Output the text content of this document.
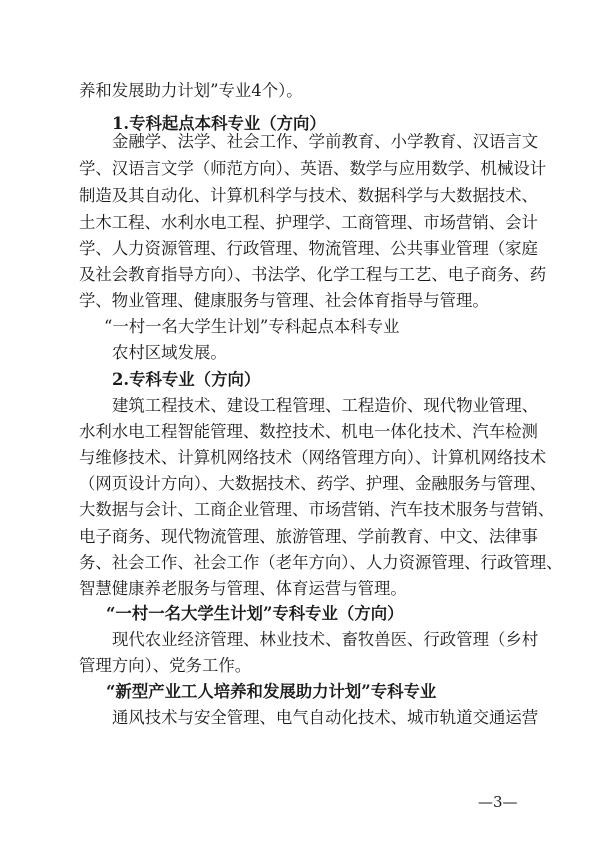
养和发展助力计划”专业4个）。
1.专科起点本科专业（方向）
金融学、法学、社会工作、学前教育、小学教育、汉语言文
学、汉语言文学（师范方向）、英语、数学与应用数学、机械设计
制造及其自动化、计算机科学与技术、数据科学与大数据技术、
土木工程、水利水电工程、护理学、工商管理、市场营销、会计
学、人力资源管理、行政管理、物流管理、公共事业管理（家庭
及社会教育指导方向）、书法学、化学工程与工艺、电子商务、药
学、物业管理、健康服务与管理、社会体育指导与管理。
“一村一名大学生计划”专科起点本科专业
农村区域发展。
2.专科专业（方向）
建筑工程技术、建设工程管理、工程造价、现代物业管理、
水利水电工程智能管理、数控技术、机电一体化技术、汽车检测
与维修技术、计算机网络技术（网络管理方向）、计算机网络技术
（网页设计方向）、大数据技术、药学、护理、金融服务与管理、
大数据与会计、工商企业管理、市场营销、汽车技术服务与营销、
电子商务、现代物流管理、旅游管理、学前教育、中文、法律事
务、社会工作、社会工作（老年方向）、人力资源管理、行政管理、
智慧健康养老服务与管理、体育运营与管理。
“一村一名大学生计划”专科专业（方向）
现代农业经济管理、林业技术、畜牧兽医、行政管理（乡村
管理方向）、党务工作。
“新型产业工人培养和发展助力计划”专科专业
通风技术与安全管理、电气自动化技术、城市轨道交通运营
—3—
